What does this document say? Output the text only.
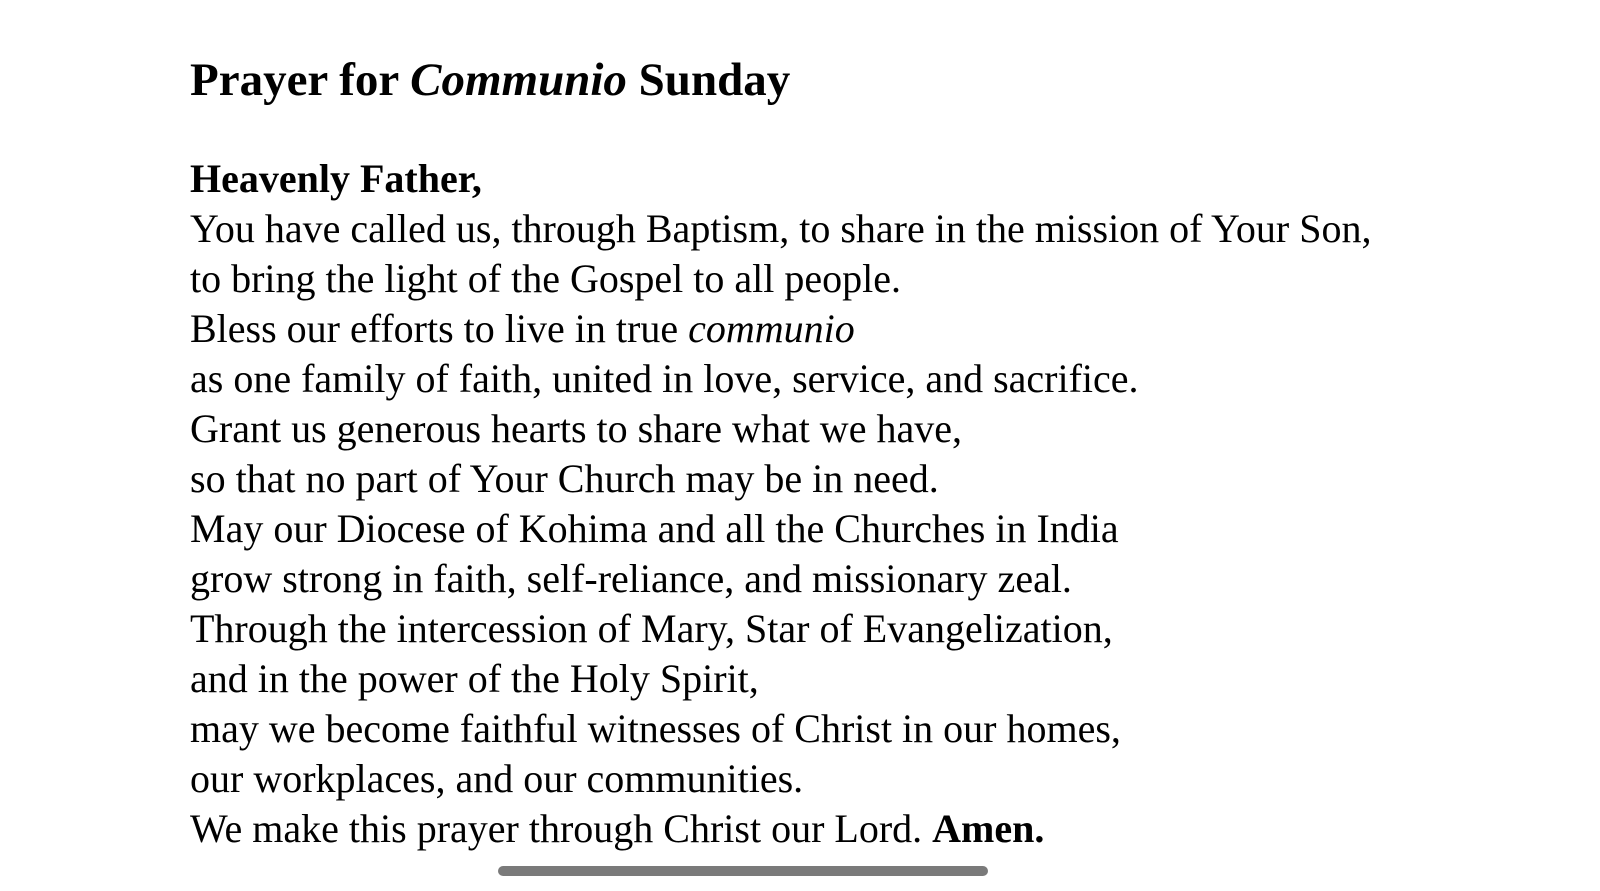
Prayer for Communio Sunday
Heavenly Father,
You have called us, through Baptism, to share in the mission of Your Son,
to bring the light of the Gospel to all people.
Bless our efforts to live in true communio
as one family of faith, united in love, service, and sacrifice.
Grant us generous hearts to share what we have,
so that no part of Your Church may be in need.
May our Diocese of Kohima and all the Churches in India
grow strong in faith, self-reliance, and missionary zeal.
Through the intercession of Mary, Star of Evangelization,
and in the power of the Holy Spirit,
may we become faithful witnesses of Christ in our homes,
our workplaces, and our communities.
We make this prayer through Christ our Lord. Amen.
